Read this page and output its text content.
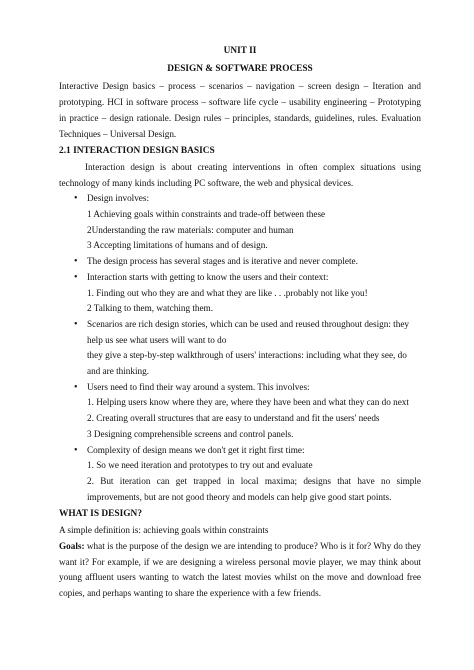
UNIT II
DESIGN & SOFTWARE PROCESS
Interactive Design basics – process – scenarios – navigation – screen design – Iteration and prototyping. HCI in software process – software life cycle – usability engineering – Prototyping in practice – design rationale. Design rules – principles, standards, guidelines, rules. Evaluation Techniques – Universal Design.
2.1 INTERACTION DESIGN BASICS
Interaction design is about creating interventions in often complex situations using technology of many kinds including PC software, the web and physical devices.
• Design involves:
1 Achieving goals within constraints and trade-off between these
2Understanding the raw materials: computer and human
3 Accepting limitations of humans and of design.
• The design process has several stages and is iterative and never complete.
• Interaction starts with getting to know the users and their context:
1. Finding out who they are and what they are like . . .probably not like you!
2 Talking to them, watching them.
• Scenarios are rich design stories, which can be used and reused throughout design: they help us see what users will want to do
they give a step-by-step walkthrough of users' interactions: including what they see, do and are thinking.
• Users need to find their way around a system. This involves:
1. Helping users know where they are, where they have been and what they can do next
2. Creating overall structures that are easy to understand and fit the users' needs
3 Designing comprehensible screens and control panels.
• Complexity of design means we don't get it right first time:
1. So we need iteration and prototypes to try out and evaluate
2. But iteration can get trapped in local maxima; designs that have no simple improvements, but are not good theory and models can help give good start points.
WHAT IS DESIGN?
A simple definition is: achieving goals within constraints
Goals: what is the purpose of the design we are intending to produce? Who is it for? Why do they want it? For example, if we are designing a wireless personal movie player, we may think about young affluent users wanting to watch the latest movies whilst on the move and download free copies, and perhaps wanting to share the experience with a few friends.
